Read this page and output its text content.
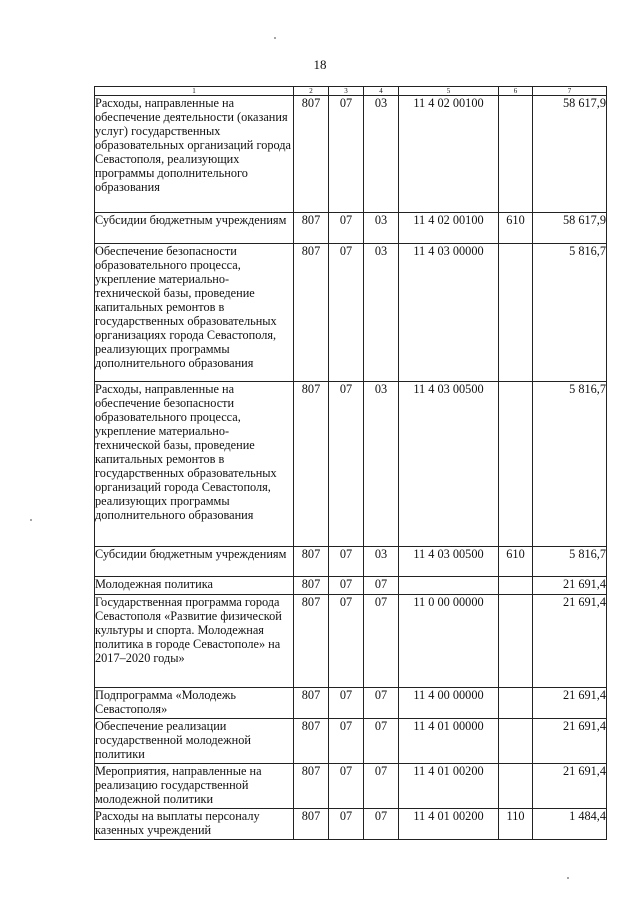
18
1	2	3	4	5	6	7
Расходы, направленные на обеспечение деятельности (оказания услуг) государственных образовательных организаций города Севастополя, реализующих программы дополнительного образования	807	07	03	11 4 02 00100		58 617,9
Субсидии бюджетным учреждениям	807	07	03	11 4 02 00100	610	58 617,9
Обеспечение безопасности образовательного процесса, укрепление материально-технической базы, проведение капитальных ремонтов в государственных образовательных организациях города Севастополя, реализующих программы дополнительного образования	807	07	03	11 4 03 00000		5 816,7
Расходы, направленные на обеспечение безопасности образовательного процесса, укрепление материально-технической базы, проведение капитальных ремонтов в государственных образовательных организаций города Севастополя, реализующих программы дополнительного образования	807	07	03	11 4 03 00500		5 816,7
Субсидии бюджетным учреждениям	807	07	03	11 4 03 00500	610	5 816,7
Молодежная политика	807	07	07			21 691,4
Государственная программа города Севастополя «Развитие физической культуры и спорта. Молодежная политика в городе Севастополе» на 2017–2020 годы»	807	07	07	11 0 00 00000		21 691,4
Подпрограмма «Молодежь Севастополя»	807	07	07	11 4 00 00000		21 691,4
Обеспечение реализации государственной молодежной политики	807	07	07	11 4 01 00000		21 691,4
Мероприятия, направленные на реализацию государственной молодежной политики	807	07	07	11 4 01 00200		21 691,4
Расходы на выплаты персоналу казенных учреждений	807	07	07	11 4 01 00200	110	1 484,4
